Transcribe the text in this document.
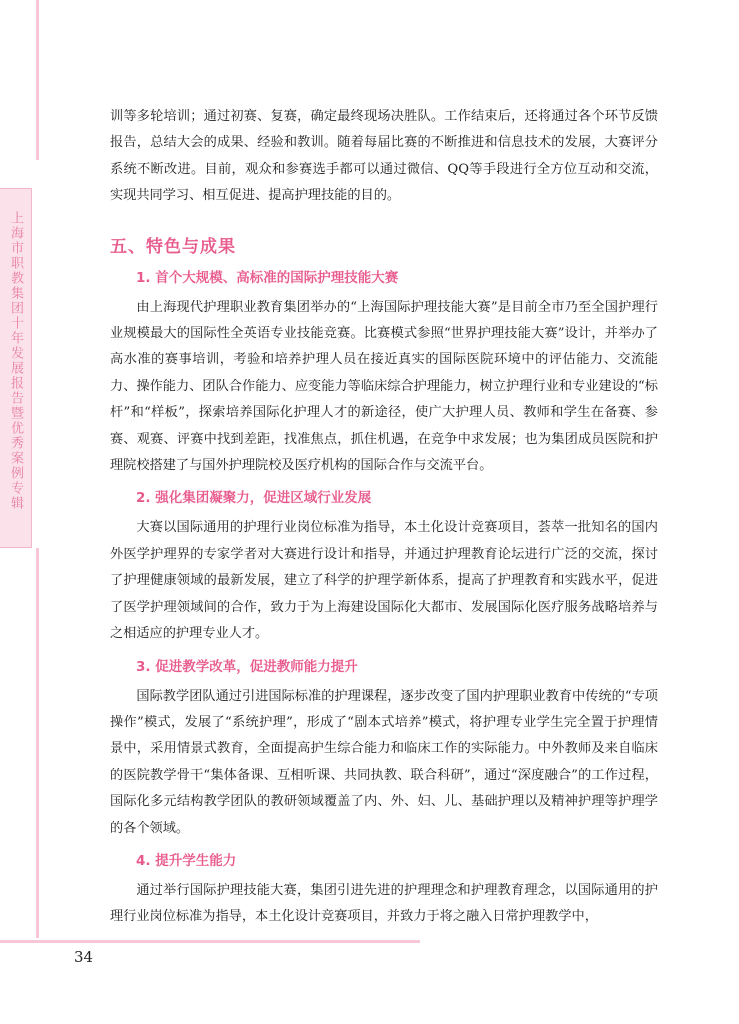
上海市职教集团十年发展报告暨优秀案例专辑

训等多轮培训；通过初赛、复赛，确定最终现场决胜队。工作结束后，还将通过各个环节反馈报告，总结大会的成果、经验和教训。随着每届比赛的不断推进和信息技术的发展，大赛评分系统不断改进。目前，观众和参赛选手都可以通过微信、QQ等手段进行全方位互动和交流，实现共同学习、相互促进、提高护理技能的目的。

五、特色与成果
1. 首个大规模、高标准的国际护理技能大赛

由上海现代护理职业教育集团举办的“上海国际护理技能大赛”是目前全市乃至全国护理行业规模最大的国际性全英语专业技能竞赛。比赛模式参照“世界护理技能大赛”设计，并举办了高水准的赛事培训，考验和培养护理人员在接近真实的国际医院环境中的评估能力、交流能力、操作能力、团队合作能力、应变能力等临床综合护理能力，树立护理行业和专业建设的“标杆”和“样板”，探索培养国际化护理人才的新途径，使广大护理人员、教师和学生在备赛、参赛、观赛、评赛中找到差距，找准焦点，抓住机遇，在竞争中求发展；也为集团成员医院和护理院校搭建了与国外护理院校及医疗机构的国际合作与交流平台。

2. 强化集团凝聚力，促进区域行业发展

大赛以国际通用的护理行业岗位标准为指导，本土化设计竞赛项目，荟萃一批知名的国内外医学护理界的专家学者对大赛进行设计和指导，并通过护理教育论坛进行广泛的交流，探讨了护理健康领域的最新发展，建立了科学的护理学新体系，提高了护理教育和实践水平，促进了医学护理领域间的合作，致力于为上海建设国际化大都市、发展国际化医疗服务战略培养与之相适应的护理专业人才。

3. 促进教学改革，促进教师能力提升

国际教学团队通过引进国际标准的护理课程，逐步改变了国内护理职业教育中传统的“专项操作”模式，发展了“系统护理”，形成了“剧本式培养”模式，将护理专业学生完全置于护理情景中，采用情景式教育，全面提高护生综合能力和临床工作的实际能力。中外教师及来自临床的医院教学骨干“集体备课、互相听课、共同执教、联合科研”，通过“深度融合”的工作过程，国际化多元结构教学团队的教研领域覆盖了内、外、妇、儿、基础护理以及精神护理等护理学的各个领域。

4. 提升学生能力

通过举行国际护理技能大赛，集团引进先进的护理理念和护理教育理念，以国际通用的护理行业岗位标准为指导，本土化设计竞赛项目，并致力于将之融入日常护理教学中，

34
